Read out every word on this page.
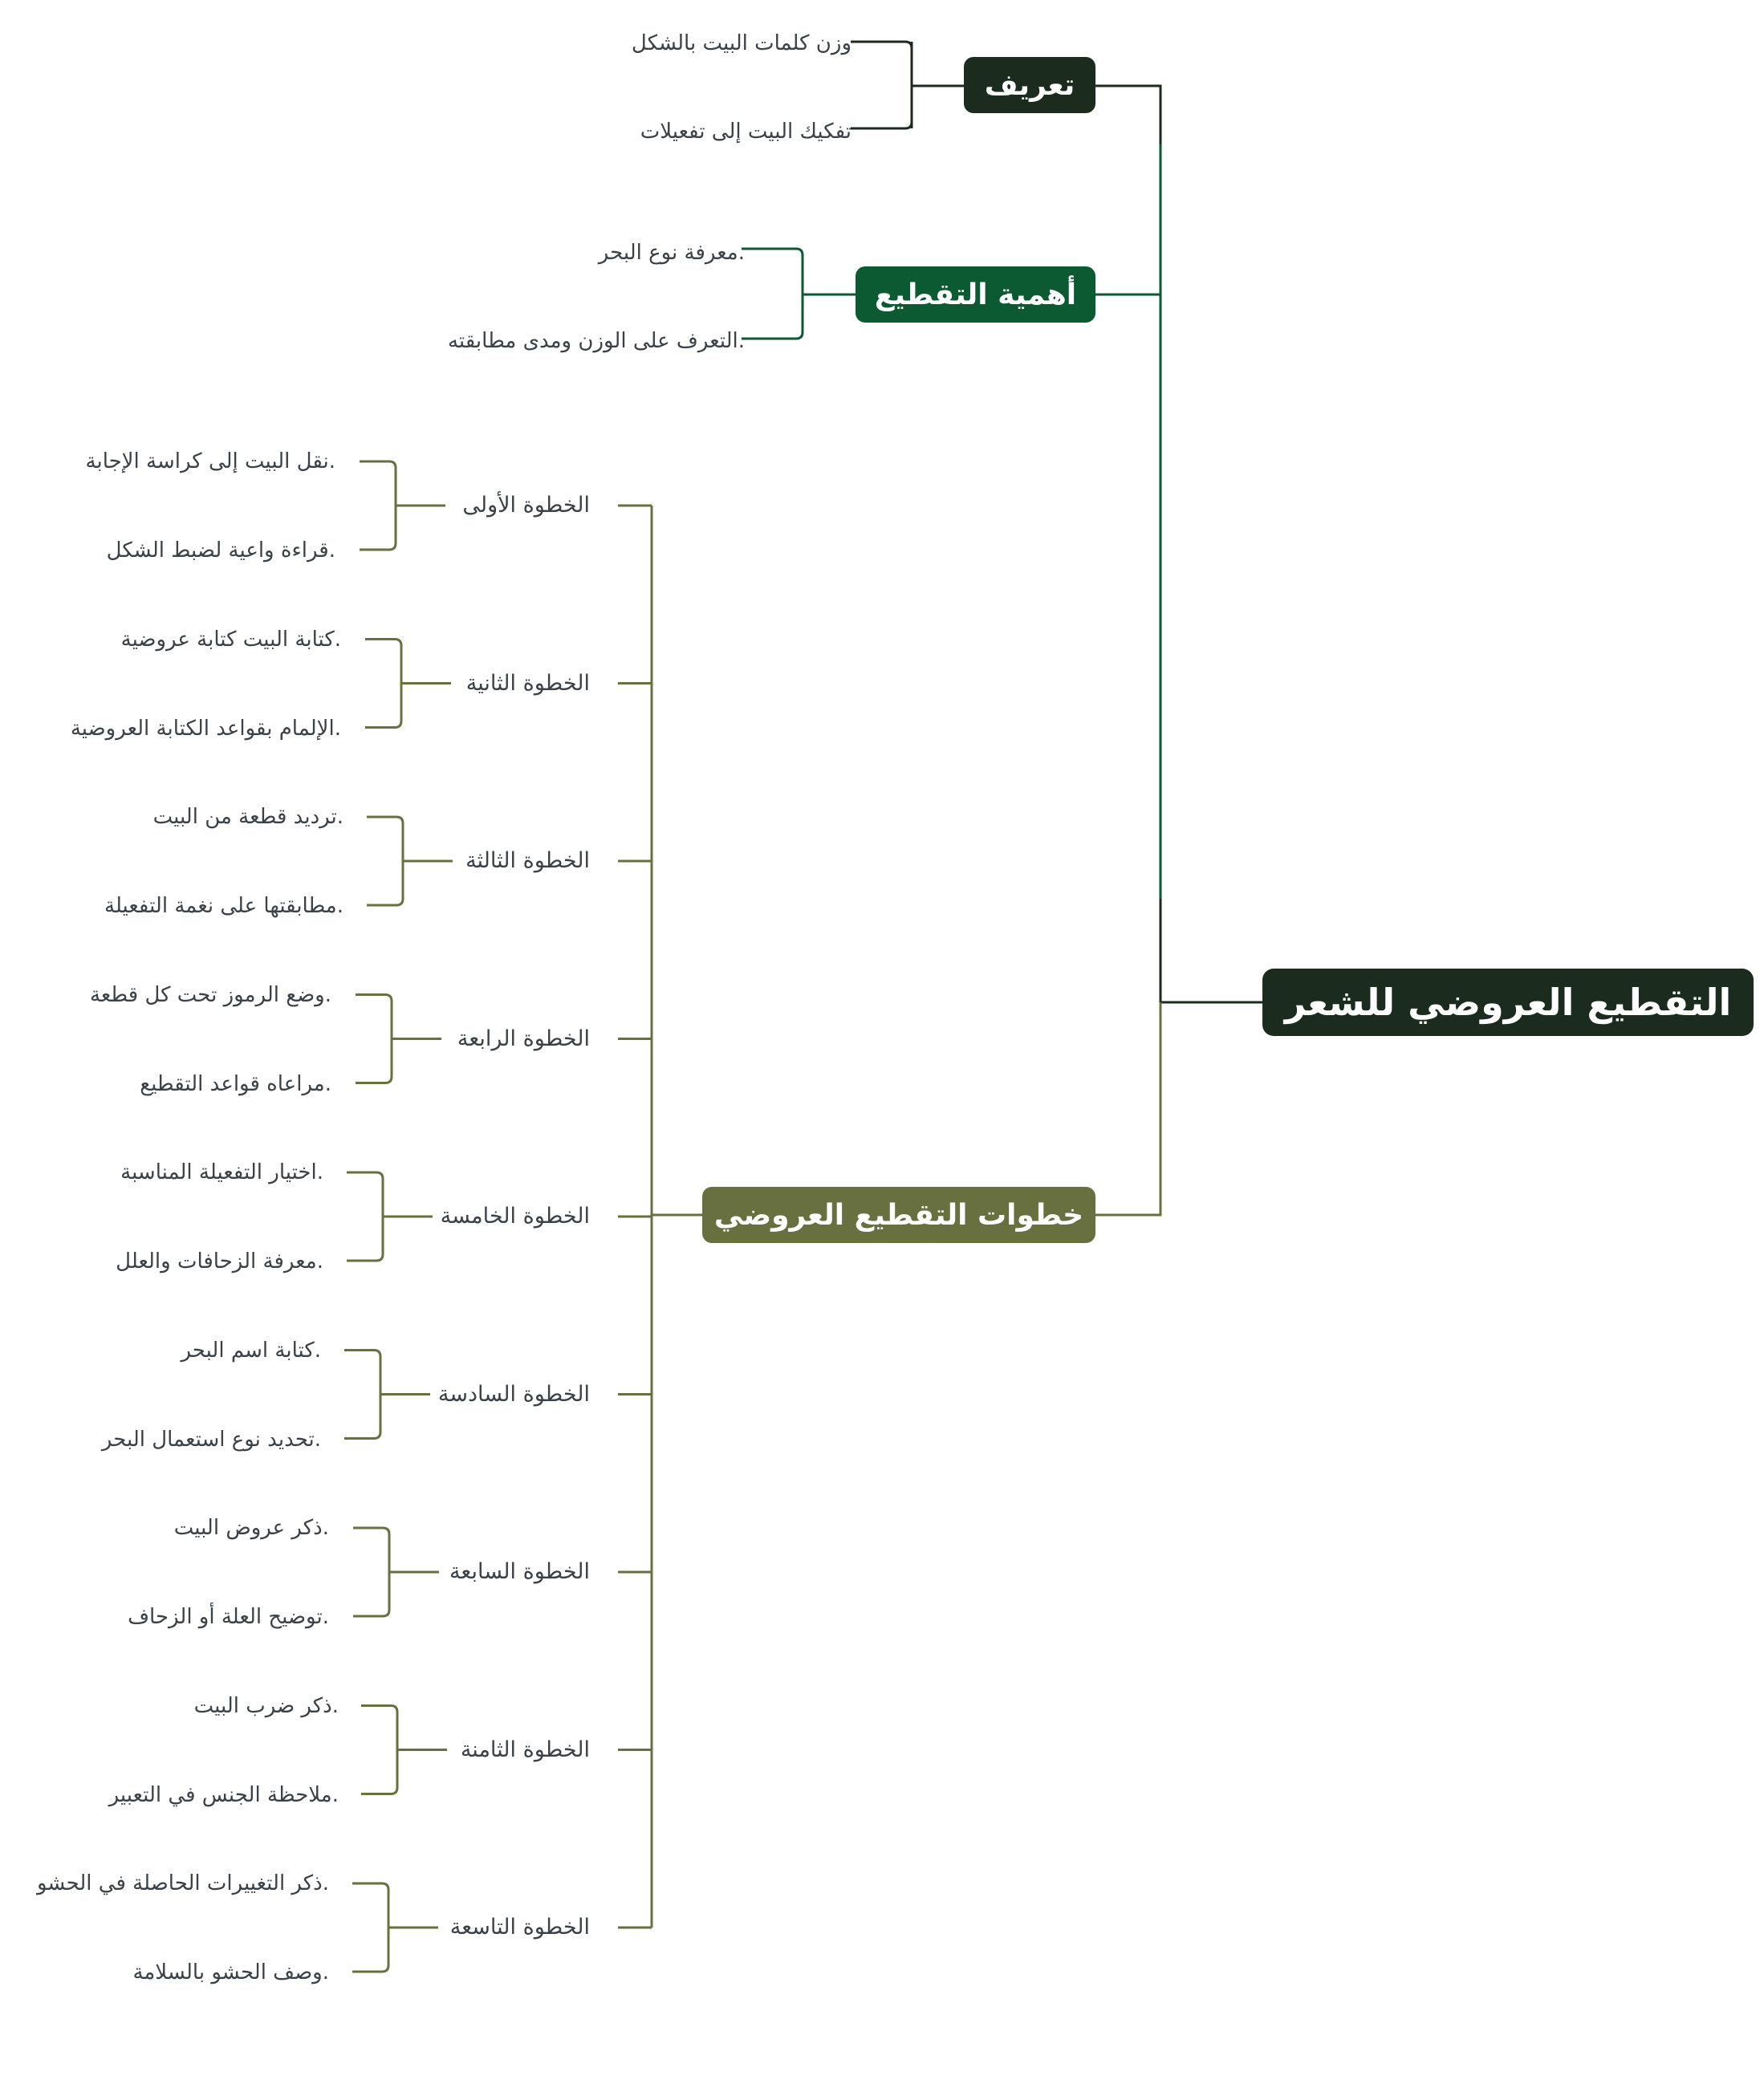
التقطيع العروضي للشعر
تعريف
أهمية التقطيع
خطوات التقطيع العروضي
وزن كلمات البيت بالشكل
تفكيك البيت إلى تفعيلات
.معرفة نوع البحر
.التعرف على الوزن ومدى مطابقته
الخطوة الأولى
.نقل البيت إلى كراسة الإجابة
.قراءة واعية لضبط الشكل
الخطوة الثانية
.كتابة البيت كتابة عروضية
.الإلمام بقواعد الكتابة العروضية
الخطوة الثالثة
.ترديد قطعة من البيت
.مطابقتها على نغمة التفعيلة
الخطوة الرابعة
.وضع الرموز تحت كل قطعة
.مراعاه قواعد التقطيع
الخطوة الخامسة
.اختيار التفعيلة المناسبة
.معرفة الزحافات والعلل
الخطوة السادسة
.كتابة اسم البحر
.تحديد نوع استعمال البحر
الخطوة السابعة
.ذكر عروض البيت
.توضيح العلة أو الزحاف
الخطوة الثامنة
.ذكر ضرب البيت
.ملاحظة الجنس في التعبير
الخطوة التاسعة
.ذكر التغييرات الحاصلة في الحشو
.وصف الحشو بالسلامة
